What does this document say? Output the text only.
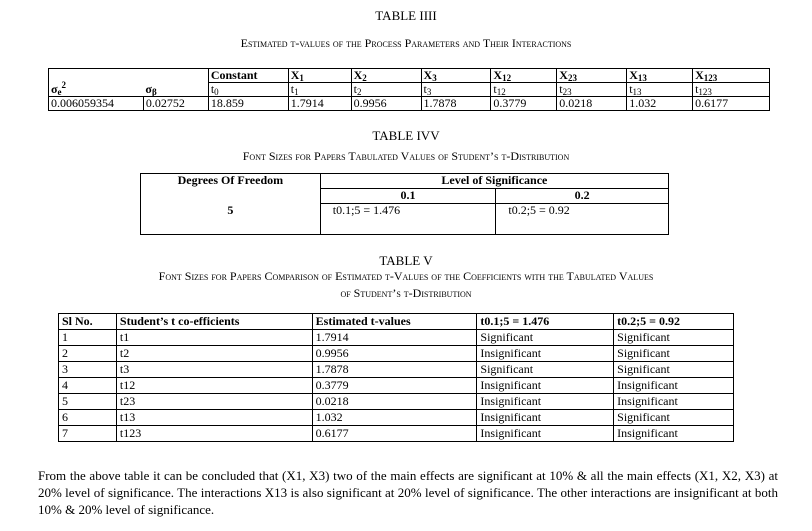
TABLE IIII
Estimated t-values of the Process Parameters and Their Interactions
		Constant	$X_1$	$X_2$	$X_3$	$X_{12}$	$X_{23}$	$X_{13}$	$X_{123}$
$\sigma_e^2$	$\sigma_\beta$	$t_0$	$t_1$	$t_2$	$t_3$	$t_{12}$	$t_{23}$	$t_{13}$	$t_{123}$
0.006059354	0.02752	18.859	1.7914	0.9956	1.7878	0.3779	0.0218	1.032	0.6177
TABLE IVV
Font Sizes for Papers Tabulated Values of Student’s t-Distribution
Degrees Of Freedom	Level of Significance	
	0.1	0.2
5	t0.1;5 = 1.476	t0.2;5 = 0.92
TABLE V
Font Sizes for Papers Comparison of Estimated t-Values of the Coefficients with the Tabulated Values
of Student’s t-Distribution
Sl No.	Student’s t co-efficients	Estimated t-values	t0.1;5 = 1.476	t0.2;5 = 0.92
1	t1	1.7914	Significant	Significant
2	t2	0.9956	Insignificant	Significant
3	t3	1.7878	Significant	Significant
4	t12	0.3779	Insignificant	Insignificant
5	t23	0.0218	Insignificant	Insignificant
6	t13	1.032	Insignificant	Significant
7	t123	0.6177	Insignificant	Insignificant
From the above table it can be concluded that (X1, X3) two of the main effects are significant at 10% & all the main effects (X1, X2, X3) at 20% level of significance. The interactions X13 is also significant at 20% level of significance. The other interactions are insignificant at both 10% & 20% level of significance.
